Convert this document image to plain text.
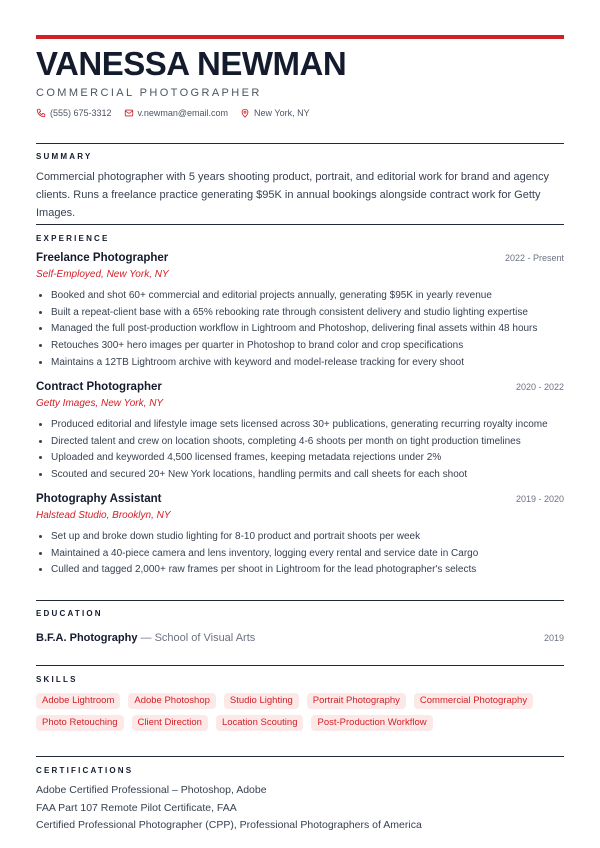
VANESSA NEWMAN
COMMERCIAL PHOTOGRAPHER
(555) 675-3312	v.newman@email.com	New York, NY
SUMMARY
Commercial photographer with 5 years shooting product, portrait, and editorial work for brand and agency clients. Runs a freelance practice generating $95K in annual bookings alongside contract work for Getty Images.
EXPERIENCE
Freelance Photographer	2022 - Present
Self-Employed, New York, NY
• Booked and shot 60+ commercial and editorial projects annually, generating $95K in yearly revenue
• Built a repeat-client base with a 65% rebooking rate through consistent delivery and studio lighting expertise
• Managed the full post-production workflow in Lightroom and Photoshop, delivering final assets within 48 hours
• Retouches 300+ hero images per quarter in Photoshop to brand color and crop specifications
• Maintains a 12TB Lightroom archive with keyword and model-release tracking for every shoot
Contract Photographer	2020 - 2022
Getty Images, New York, NY
• Produced editorial and lifestyle image sets licensed across 30+ publications, generating recurring royalty income
• Directed talent and crew on location shoots, completing 4-6 shoots per month on tight production timelines
• Uploaded and keyworded 4,500 licensed frames, keeping metadata rejections under 2%
• Scouted and secured 20+ New York locations, handling permits and call sheets for each shoot
Photography Assistant	2019 - 2020
Halstead Studio, Brooklyn, NY
• Set up and broke down studio lighting for 8-10 product and portrait shoots per week
• Maintained a 40-piece camera and lens inventory, logging every rental and service date in Cargo
• Culled and tagged 2,000+ raw frames per shoot in Lightroom for the lead photographer's selects
EDUCATION
B.F.A. Photography — School of Visual Arts	2019
SKILLS
Adobe Lightroom	Adobe Photoshop	Studio Lighting	Portrait Photography	Commercial Photography
Photo Retouching	Client Direction	Location Scouting	Post-Production Workflow
CERTIFICATIONS
Adobe Certified Professional – Photoshop, Adobe
FAA Part 107 Remote Pilot Certificate, FAA
Certified Professional Photographer (CPP), Professional Photographers of America
